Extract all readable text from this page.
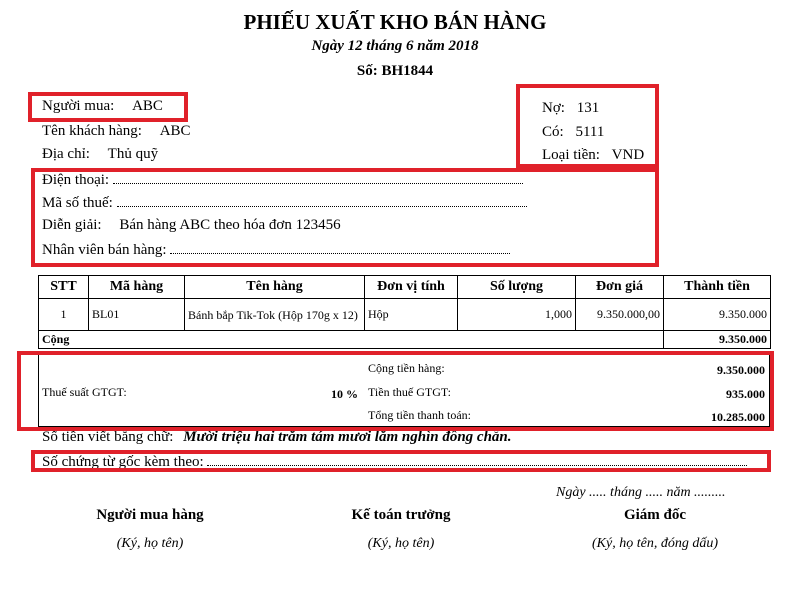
PHIẾU XUẤT KHO BÁN HÀNG
Ngày 12 tháng 6 năm 2018
Số: BH1844
Người mua: ABC
Tên khách hàng: ABC
Địa chỉ: Thủ quỹ
Điện thoại:
Mã số thuế:
Diễn giải: Bán hàng ABC theo hóa đơn 123456
Nhân viên bán hàng:
Nợ: 131
Có: 5111
Loại tiền: VND
STT	Mã hàng	Tên hàng	Đơn vị tính	Số lượng	Đơn giá	Thành tiền
1	BL01	Bánh bắp Tik-Tok (Hộp 170g x 12)	Hộp	1,000	9.350.000,00	9.350.000
Cộng						9.350.000
Cộng tiền hàng:	9.350.000
Thuế suất GTGT:	10 % Tiền thuế GTGT:	935.000
Tổng tiền thanh toán:	10.285.000
Số tiền viết bằng chữ: Mười triệu hai trăm tám mươi lăm nghìn đồng chẵn.
Số chứng từ gốc kèm theo:
Ngày ..... tháng ..... năm .........
Người mua hàng
(Ký, họ tên)
Kế toán trưởng
(Ký, họ tên)
Giám đốc
(Ký, họ tên, đóng dấu)
